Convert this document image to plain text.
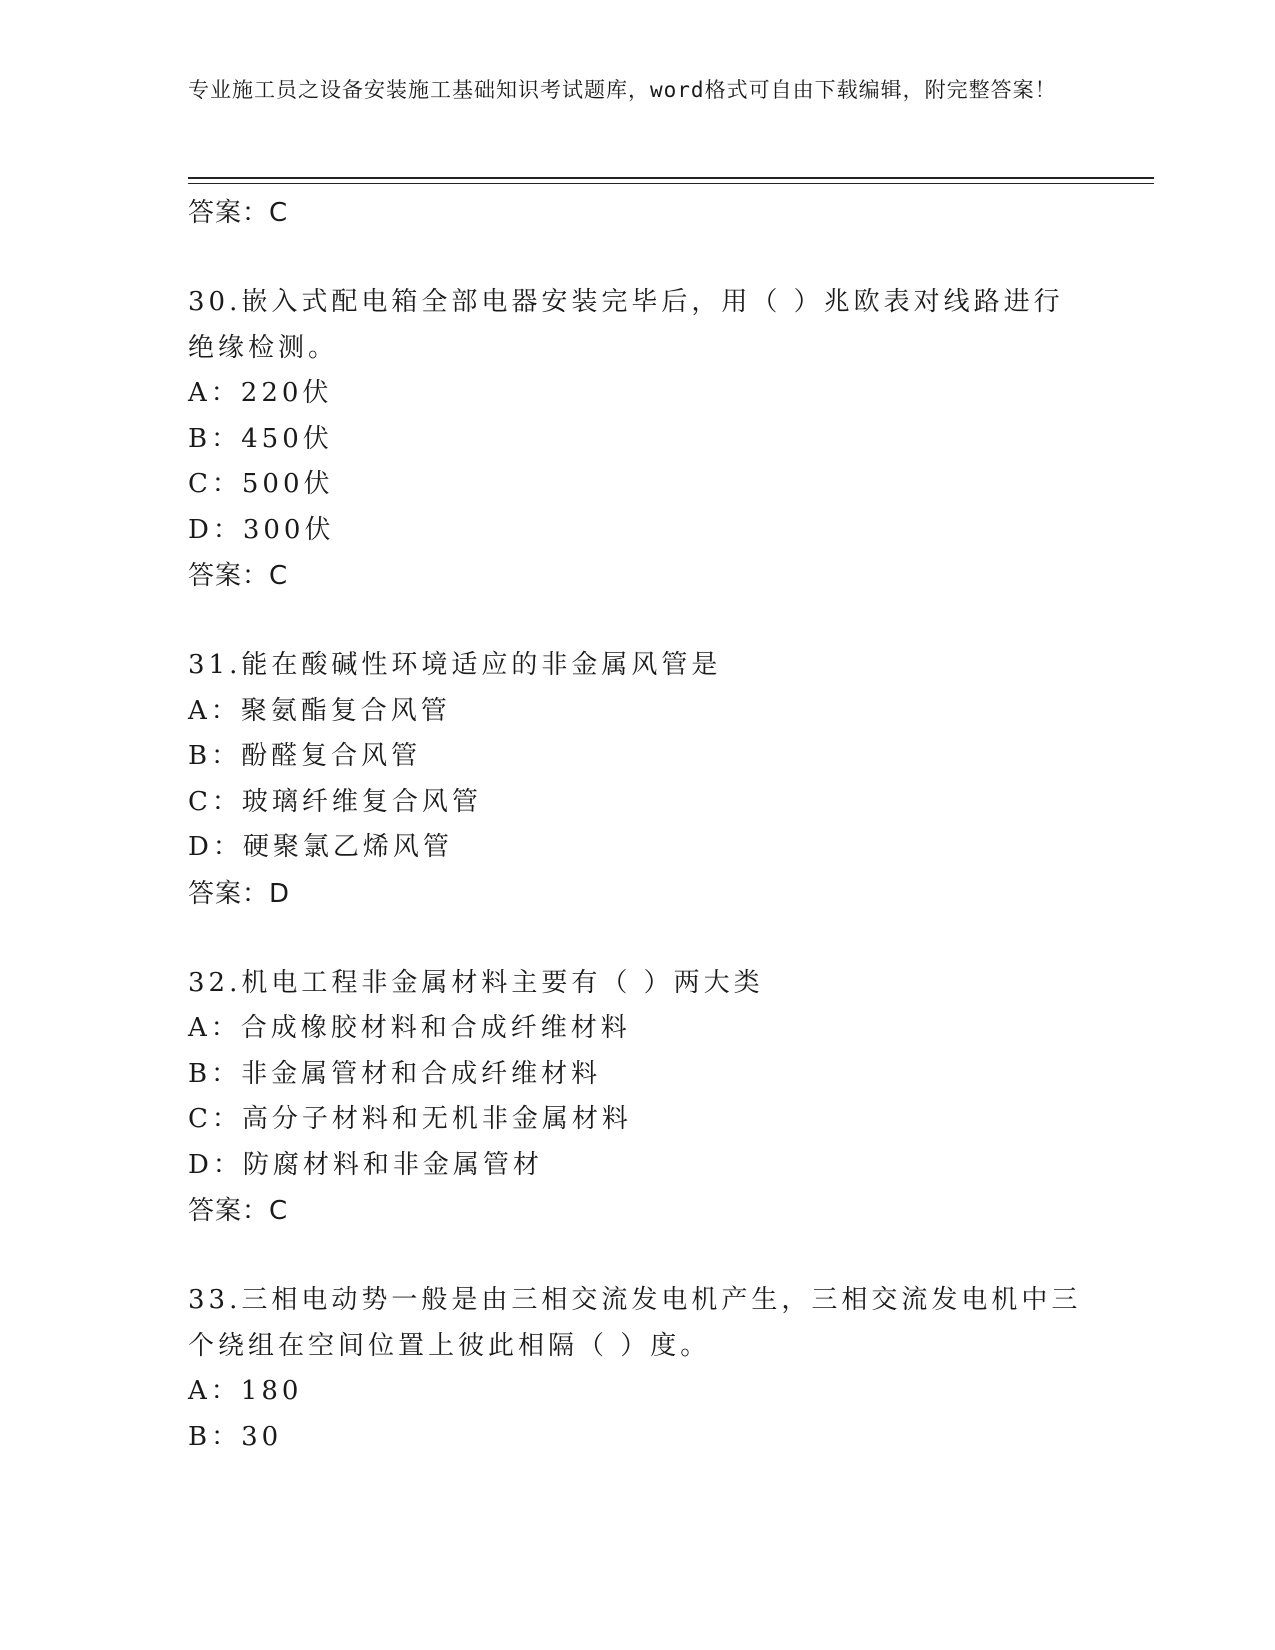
专业施工员之设备安装施工基础知识考试题库，word格式可自由下载编辑，附完整答案！
答案：C
30.嵌入式配电箱全部电器安装完毕后，用（ ）兆欧表对线路进行绝缘检测。
A：220伏
B：450伏
C：500伏
D：300伏
答案：C
31.能在酸碱性环境适应的非金属风管是
A：聚氨酯复合风管
B：酚醛复合风管
C：玻璃纤维复合风管
D：硬聚氯乙烯风管
答案：D
32.机电工程非金属材料主要有（ ）两大类
A：合成橡胶材料和合成纤维材料
B：非金属管材和合成纤维材料
C：高分子材料和无机非金属材料
D：防腐材料和非金属管材
答案：C
33.三相电动势一般是由三相交流发电机产生，三相交流发电机中三个绕组在空间位置上彼此相隔（ ）度。
A：180
B：30
